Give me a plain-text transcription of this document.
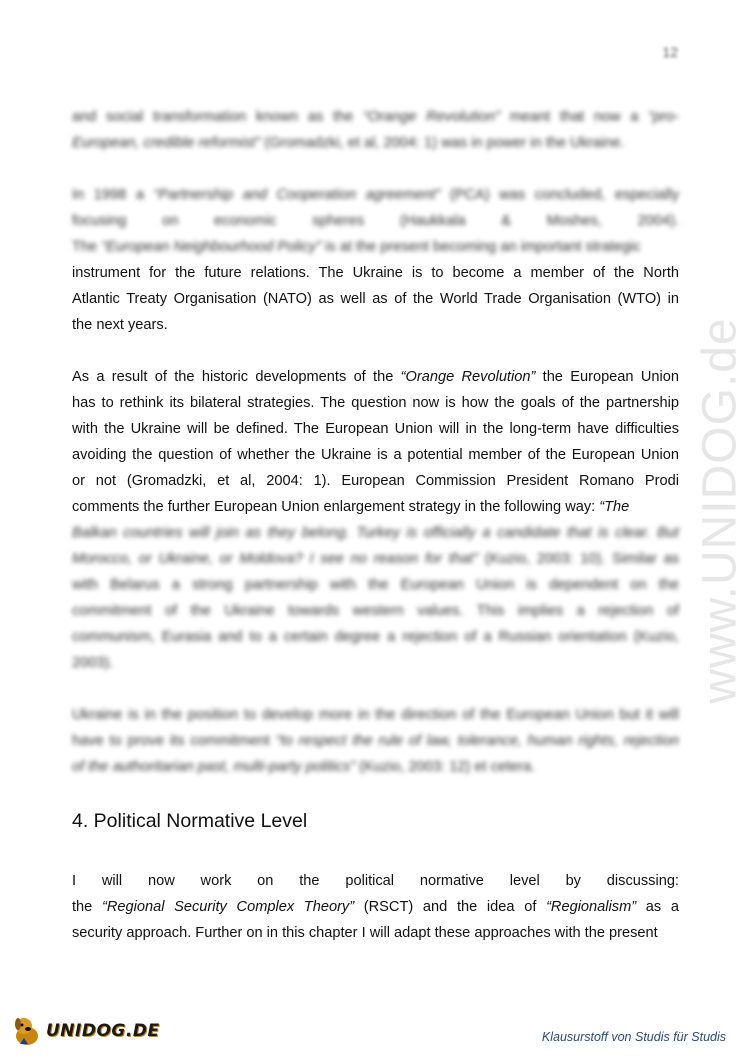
12
www.UNIDOG.de
and social transformation known as the “Orange Revolution” meant that now a “pro-
European, credible reformist” (Gromadzki, et al, 2004: 1) was in power in the Ukraine.
In 1998 a “Partnership and Cooperation agreement” (PCA) was concluded, especially
focusing on economic spheres (Haukkala & Moshes, 2004).
The “European Neighbourhood Policy” is at the present becoming an important strategic
instrument for the future relations. The Ukraine is to become a member of the North
Atlantic Treaty Organisation (NATO) as well as of the World Trade Organisation (WTO) in
the next years.
As a result of the historic developments of the “Orange Revolution” the European Union
has to rethink its bilateral strategies. The question now is how the goals of the partnership
with the Ukraine will be defined. The European Union will in the long-term have difficulties
avoiding the question of whether the Ukraine is a potential member of the European Union
or not (Gromadzki, et al, 2004: 1). European Commission President Romano Prodi
comments the further European Union enlargement strategy in the following way: “The
Balkan countries will join as they belong. Turkey is officially a candidate that is clear. But
Morocco, or Ukraine, or Moldova? I see no reason for that” (Kuzio, 2003: 10). Similar as
with Belarus a strong partnership with the European Union is dependent on the
commitment of the Ukraine towards western values. This implies a rejection of
communism, Eurasia and to a certain degree a rejection of a Russian orientation (Kuzio,
2003).
Ukraine is in the position to develop more in the direction of the European Union but it will
have to prove its commitment “to respect the rule of law, tolerance, human rights, rejection
of the authoritarian past, multi-party politics” (Kuzio, 2003: 12) et cetera.
4. Political Normative Level
I will now work on the political normative level by discussing:
the “Regional Security Complex Theory” (RSCT) and the idea of “Regionalism” as a
security approach. Further on in this chapter I will adapt these approaches with the present
UNIDOG.DE	Klausurstoff von Studis für Studis
